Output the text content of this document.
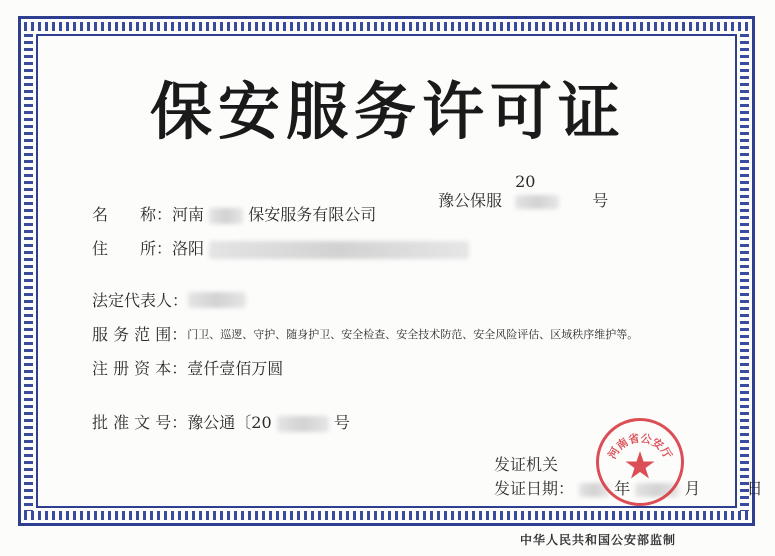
保安服务许可证
豫公保服 20  号
名　　称： 河南	保安服务有限公司
住　　所： 洛阳
法定代表人：
服 务 范 围： 门卫、巡逻、守护、随身护卫、安全检查、安全技术防范、安全风险评估、区域秩序维护等。
注 册 资 本： 壹仟壹佰万圆
批 准 文 号： 豫公通〔20	号
发证机关
发证日期：	年	月	日
河南省公安厅
中华人民共和国公安部监制
